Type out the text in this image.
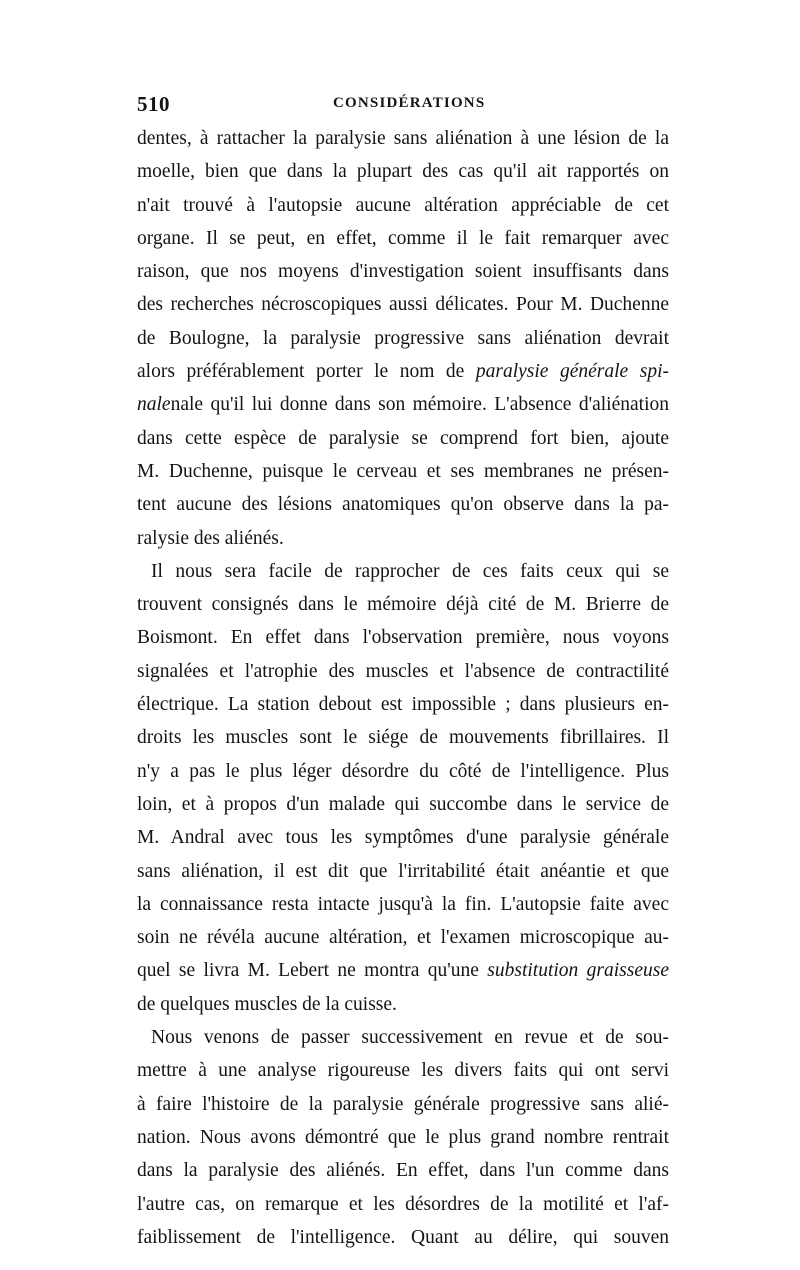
510	CONSIDÉRATIONS
dentes, à rattacher la paralysie sans aliénation à une lésion de la
moelle, bien que dans la plupart des cas qu'il ait rapportés on
n'ait trouvé à l'autopsie aucune altération appréciable de cet
organe. Il se peut, en effet, comme il le fait remarquer avec
raison, que nos moyens d'investigation soient insuffisants dans
des recherches nécroscopiques aussi délicates. Pour M. Duchenne
de Boulogne, la paralysie progressive sans aliénation devrait
alors préférablement porter le nom de paralysie générale spi-
nalenale qu'il lui donne dans son mémoire. L'absence d'aliénation
dans cette espèce de paralysie se comprend fort bien, ajoute
M. Duchenne, puisque le cerveau et ses membranes ne présen-
tent aucune des lésions anatomiques qu'on observe dans la pa-
ralysie des aliénés.
Il nous sera facile de rapprocher de ces faits ceux qui se
trouvent consignés dans le mémoire déjà cité de M. Brierre de
Boismont. En effet dans l'observation première, nous voyons
signalées et l'atrophie des muscles et l'absence de contractilité
électrique. La station debout est impossible ; dans plusieurs en-
droits les muscles sont le siége de mouvements fibrillaires. Il
n'y a pas le plus léger désordre du côté de l'intelligence. Plus
loin, et à propos d'un malade qui succombe dans le service de
M. Andral avec tous les symptômes d'une paralysie générale
sans aliénation, il est dit que l'irritabilité était anéantie et que
la connaissance resta intacte jusqu'à la fin. L'autopsie faite avec
soin ne révéla aucune altération, et l'examen microscopique au-
quel se livra M. Lebert ne montra qu'une substitution graisseuse
de quelques muscles de la cuisse.
Nous venons de passer successivement en revue et de sou-
mettre à une analyse rigoureuse les divers faits qui ont servi
à faire l'histoire de la paralysie générale progressive sans alié-
nation. Nous avons démontré que le plus grand nombre rentrait
dans la paralysie des aliénés. En effet, dans l'un comme dans
l'autre cas, on remarque et les désordres de la motilité et l'af-
faiblissement de l'intelligence. Quant au délire, qui souven
